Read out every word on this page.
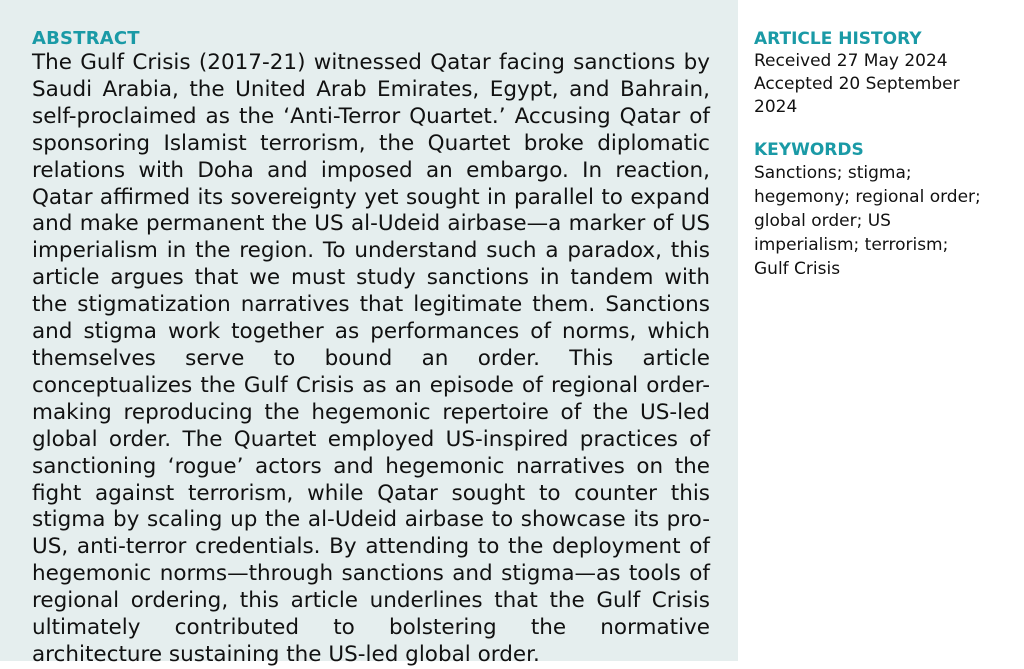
ABSTRACT

The Gulf Crisis (2017-21) witnessed Qatar facing sanctions by Saudi Arabia, the United Arab Emirates, Egypt, and Bahrain, self-proclaimed as the ‘Anti-Terror Quartet.’ Accusing Qatar of sponsoring Islamist terrorism, the Quartet broke diplomatic relations with Doha and imposed an embargo. In reaction, Qatar affirmed its sovereignty yet sought in parallel to expand and make permanent the US al-Udeid airbase—a marker of US imperialism in the region. To understand such a paradox, this article argues that we must study sanctions in tandem with the stigmatization narratives that legitimate them. Sanctions and stigma work together as performances of norms, which themselves serve to bound an order. This article conceptualizes the Gulf Crisis as an episode of regional order-making reproducing the hegemonic repertoire of the US-led global order. The Quartet employed US-inspired practices of sanctioning ‘rogue’ actors and hegemonic narratives on the fight against terrorism, while Qatar sought to counter this stigma by scaling up the al-Udeid airbase to showcase its pro-US, anti-terror credentials. By attending to the deployment of hegemonic norms—through sanctions and stigma—as tools of regional ordering, this article underlines that the Gulf Crisis ultimately contributed to bolstering the normative architecture sustaining the US-led global order.

ARTICLE HISTORY
Received 27 May 2024
Accepted 20 September 2024
KEYWORDS
Sanctions; stigma; hegemony; regional order; global order; US imperialism; terrorism; Gulf Crisis
